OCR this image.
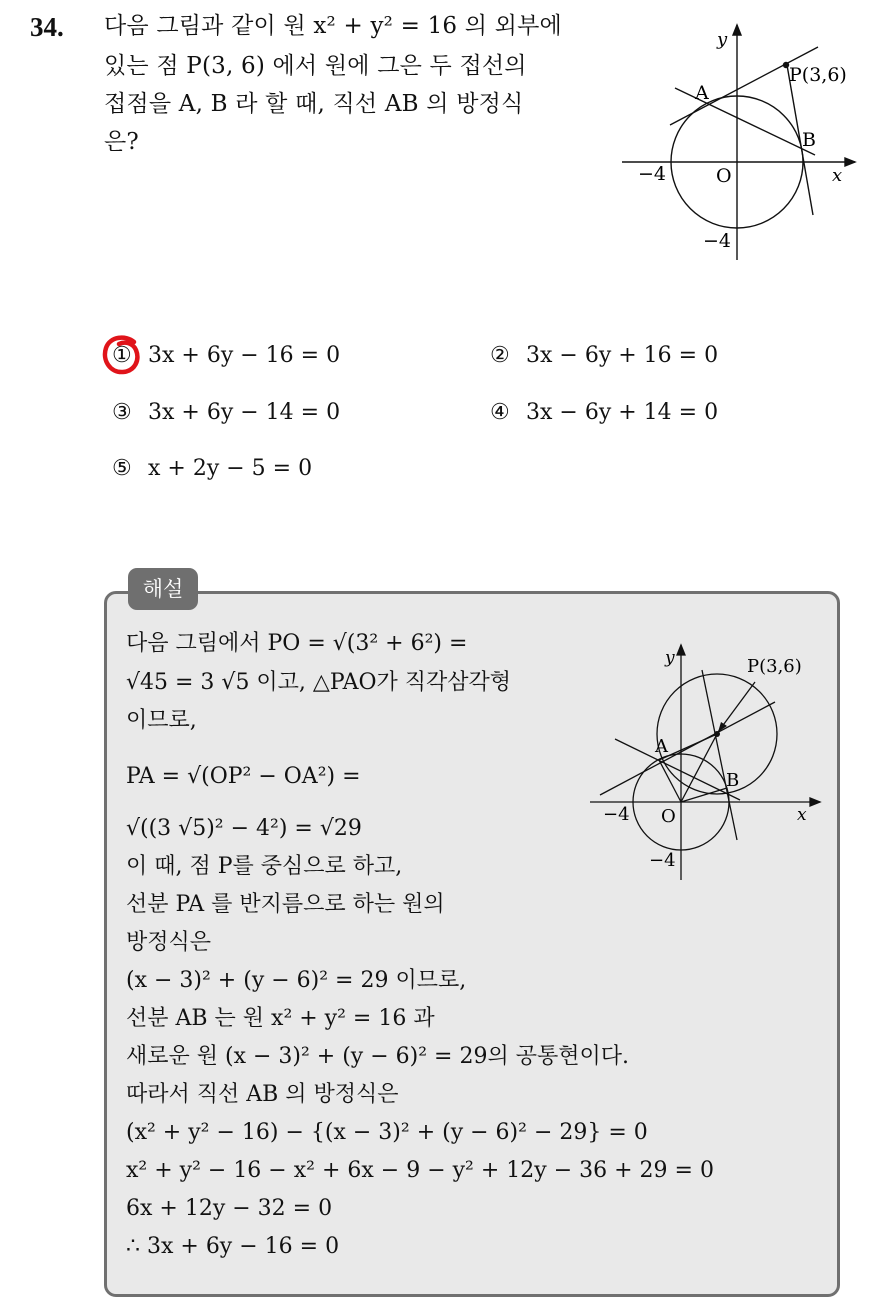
34. 다음 그림과 같이 원 x² + y² = 16 의 외부에
있는 점 P(3, 6) 에서 원에 그은 두 접선의
접점을 A, B 라 할 때, 직선 AB 의 방정식
은?
y
x
P(3,6)
A
B
O
−4
−4
① 3x + 6y − 16 = 0	② 3x − 6y + 16 = 0
③ 3x + 6y − 14 = 0	④ 3x − 6y + 14 = 0
⑤ x + 2y − 5 = 0
해설
다음 그림에서 PO = √(3² + 6²) =
√45 = 3 √5 이고, △PAO가 직각삼각형
이므로,
PA = √(OP² − OA²) =
√((3 √5)² − 4²) = √29
이 때, 점 P를 중심으로 하고,
선분 PA 를 반지름으로 하는 원의
방정식은
(x − 3)² + (y − 6)² = 29 이므로,
선분 AB 는 원 x² + y² = 16 과
새로운 원 (x − 3)² + (y − 6)² = 29의 공통현이다.
따라서 직선 AB 의 방정식은
(x² + y² − 16) − {(x − 3)² + (y − 6)² − 29} = 0
x² + y² − 16 − x² + 6x − 9 − y² + 12y − 36 + 29 = 0
6x + 12y − 32 = 0
∴ 3x + 6y − 16 = 0
y
x
P(3,6)
A
B
O
−4
−4
